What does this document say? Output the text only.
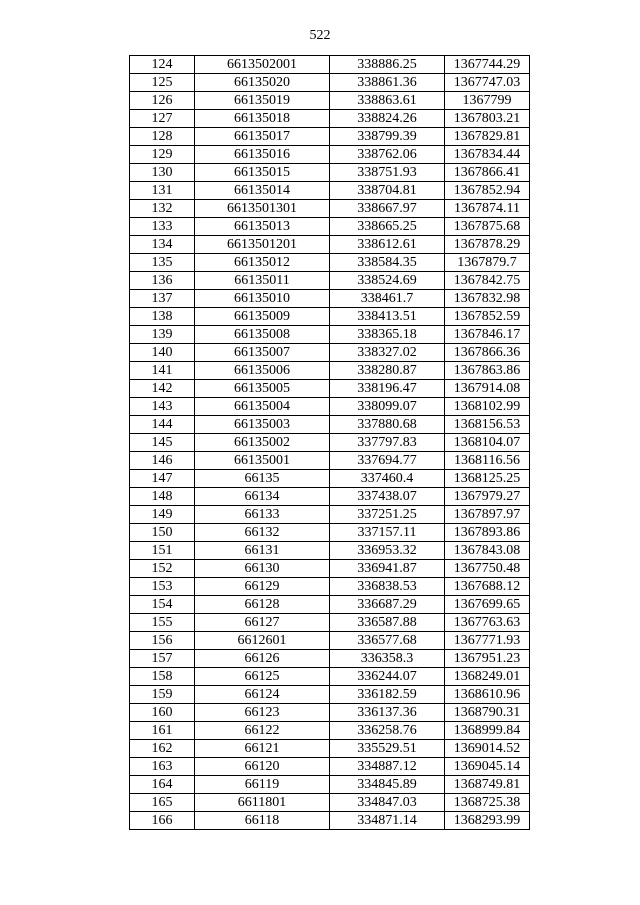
522
124	6613502001	338886.25	1367744.29
125	66135020	338861.36	1367747.03
126	66135019	338863.61	1367799
127	66135018	338824.26	1367803.21
128	66135017	338799.39	1367829.81
129	66135016	338762.06	1367834.44
130	66135015	338751.93	1367866.41
131	66135014	338704.81	1367852.94
132	6613501301	338667.97	1367874.11
133	66135013	338665.25	1367875.68
134	6613501201	338612.61	1367878.29
135	66135012	338584.35	1367879.7
136	66135011	338524.69	1367842.75
137	66135010	338461.7	1367832.98
138	66135009	338413.51	1367852.59
139	66135008	338365.18	1367846.17
140	66135007	338327.02	1367866.36
141	66135006	338280.87	1367863.86
142	66135005	338196.47	1367914.08
143	66135004	338099.07	1368102.99
144	66135003	337880.68	1368156.53
145	66135002	337797.83	1368104.07
146	66135001	337694.77	1368116.56
147	66135	337460.4	1368125.25
148	66134	337438.07	1367979.27
149	66133	337251.25	1367897.97
150	66132	337157.11	1367893.86
151	66131	336953.32	1367843.08
152	66130	336941.87	1367750.48
153	66129	336838.53	1367688.12
154	66128	336687.29	1367699.65
155	66127	336587.88	1367763.63
156	6612601	336577.68	1367771.93
157	66126	336358.3	1367951.23
158	66125	336244.07	1368249.01
159	66124	336182.59	1368610.96
160	66123	336137.36	1368790.31
161	66122	336258.76	1368999.84
162	66121	335529.51	1369014.52
163	66120	334887.12	1369045.14
164	66119	334845.89	1368749.81
165	6611801	334847.03	1368725.38
166	66118	334871.14	1368293.99
